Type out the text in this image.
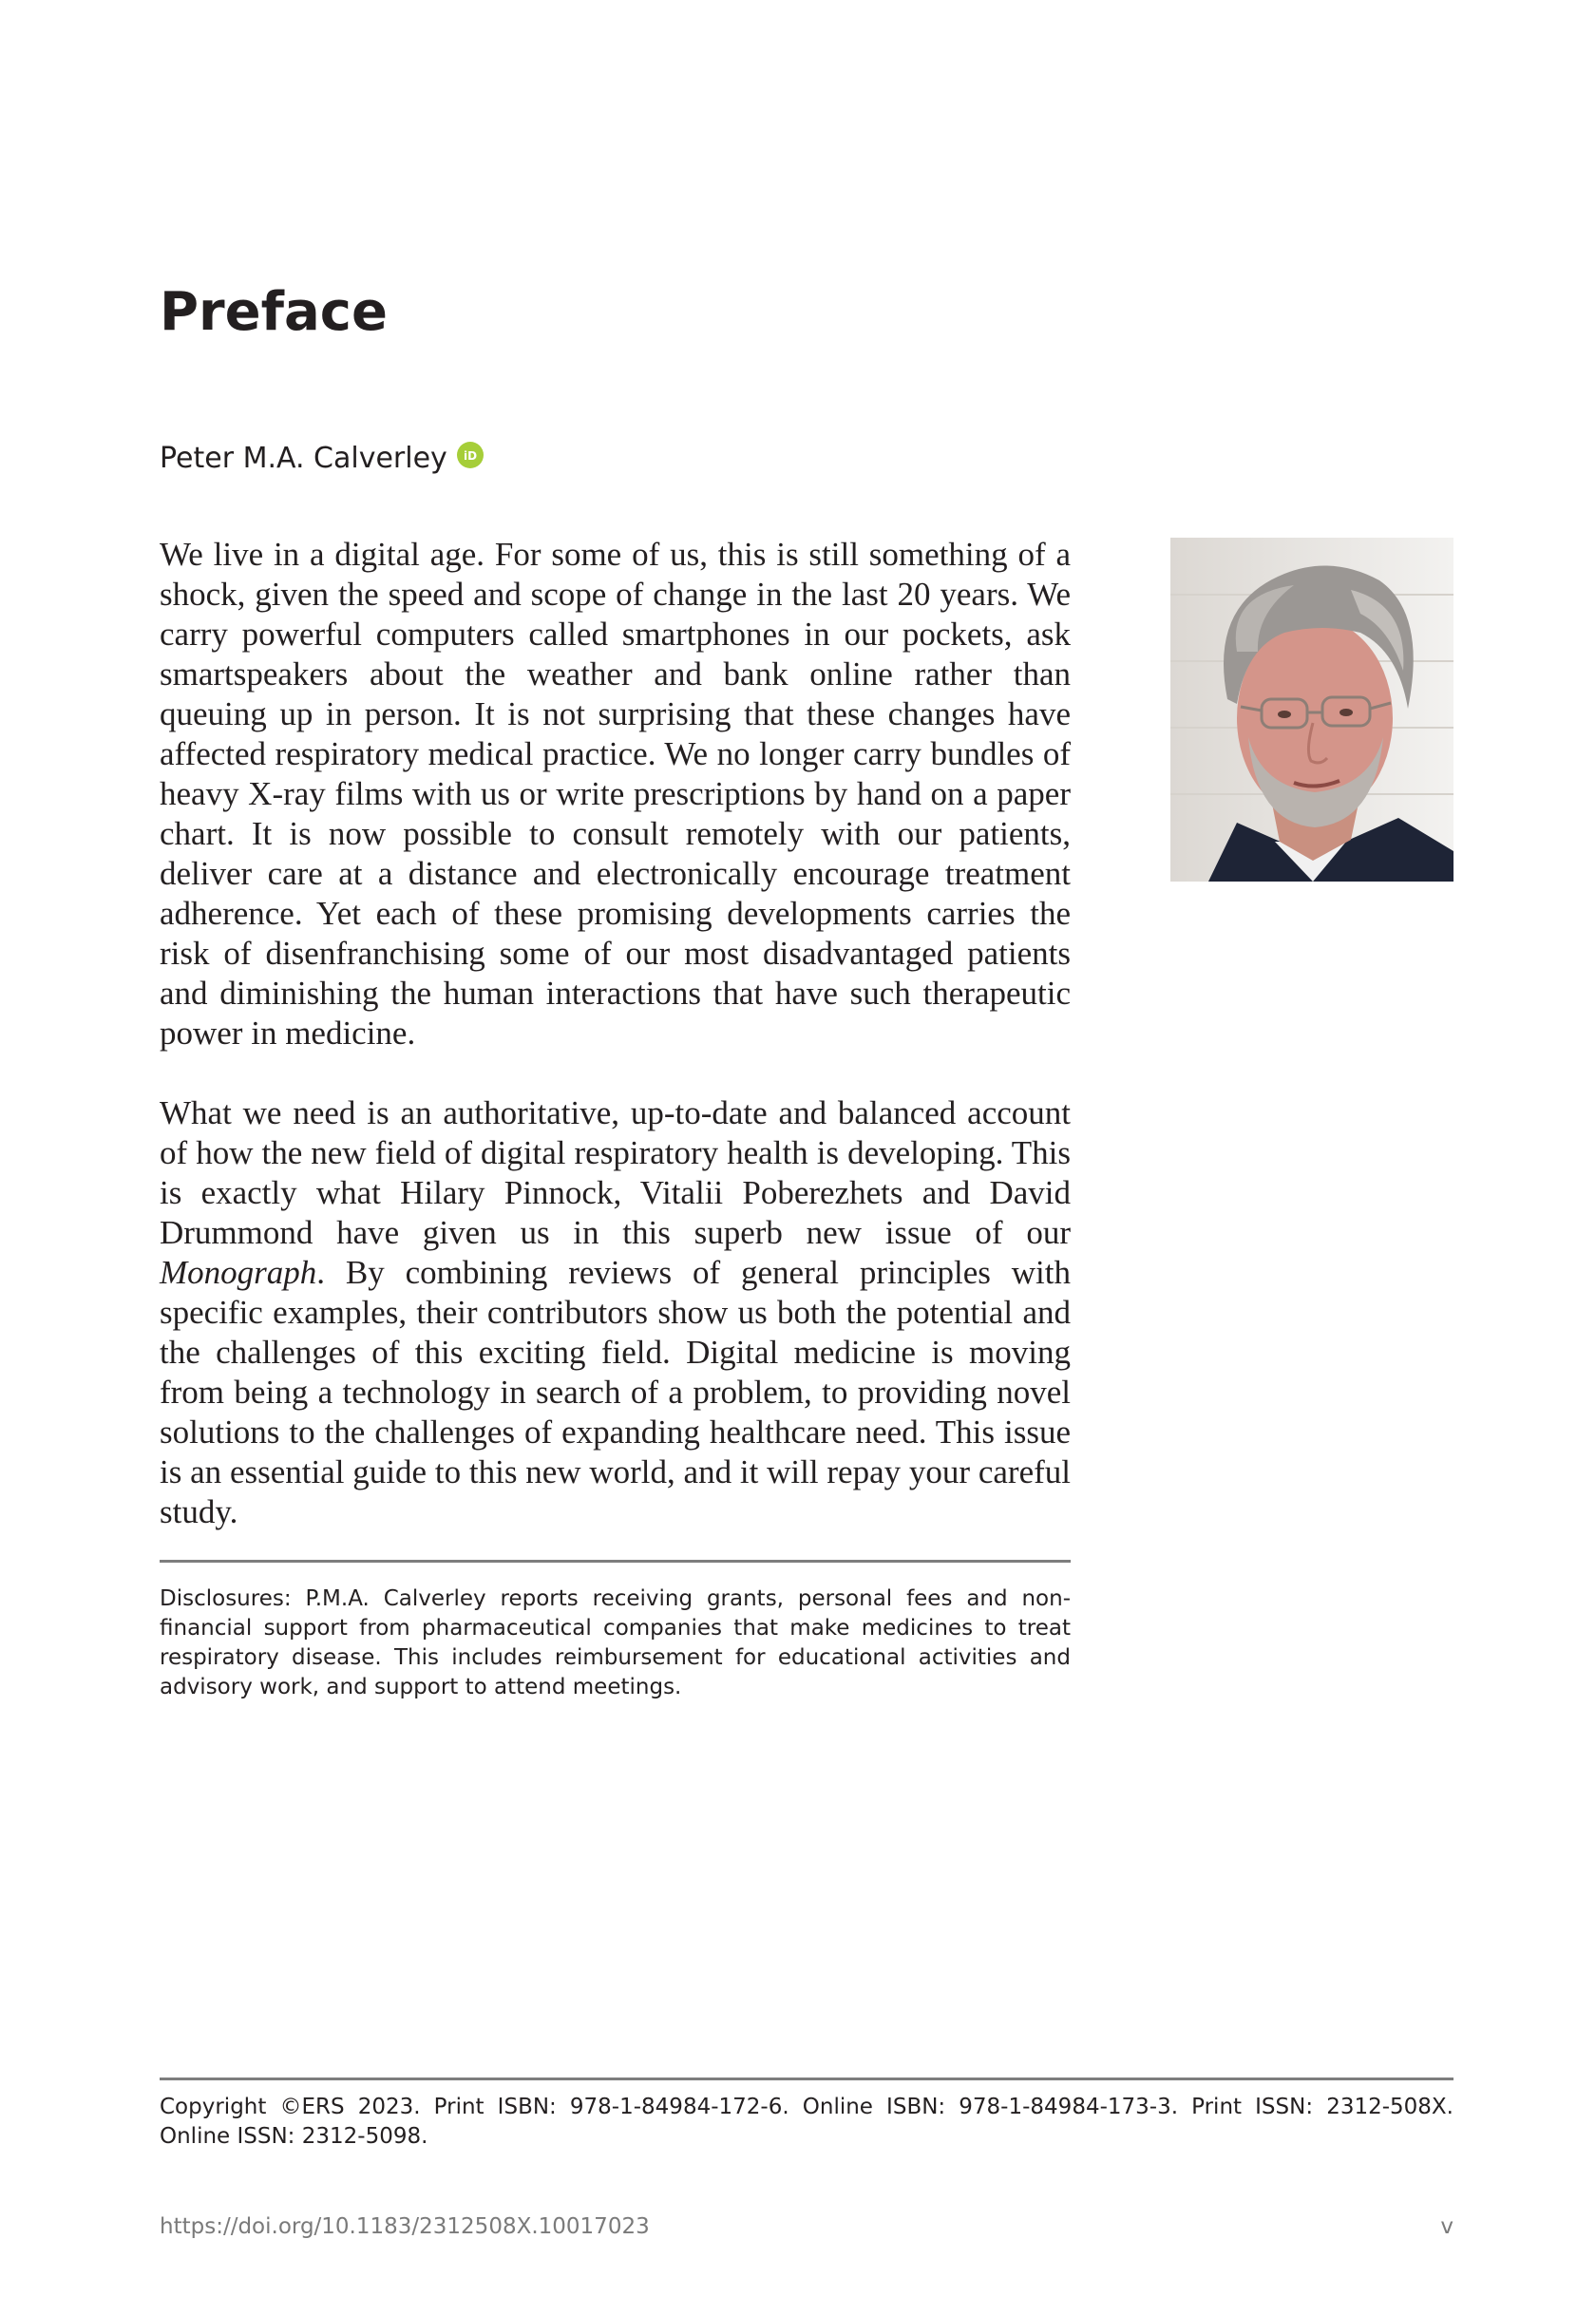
Preface
Peter M.A. Calverley iD

We live in a digital age. For some of us, this is still something of a shock, given the speed and scope of change in the last 20 years. We carry powerful computers called smartphones in our pockets, ask smartspeakers about the weather and bank online rather than queuing up in person. It is not surprising that these changes have affected respiratory medical practice. We no longer carry bundles of heavy X-ray films with us or write prescriptions by hand on a paper chart. It is now possible to consult remotely with our patients, deliver care at a distance and electronically encourage treatment adherence. Yet each of these promising developments carries the risk of disenfranchising some of our most disadvantaged patients and diminishing the human interactions that have such therapeutic power in medicine.

What we need is an authoritative, up-to-date and balanced account of how the new field of digital respiratory health is developing. This is exactly what Hilary Pinnock, Vitalii Poberezhets and David Drummond have given us in this superb new issue of our Monograph. By combining reviews of general principles with specific examples, their contributors show us both the potential and the challenges of this exciting field. Digital medicine is moving from being a technology in search of a problem, to providing novel solutions to the challenges of expanding healthcare need. This issue is an essential guide to this new world, and it will repay your careful study.

Disclosures: P.M.A. Calverley reports receiving grants, personal fees and non-financial support from pharmaceutical companies that make medicines to treat respiratory disease. This includes reimbursement for educational activities and advisory work, and support to attend meetings.
Copyright ©ERS 2023. Print ISBN: 978-1-84984-172-6. Online ISBN: 978-1-84984-173-3. Print ISSN: 2312-508X. Online ISSN: 2312-5098.
https://doi.org/10.1183/2312508X.10017023	v
